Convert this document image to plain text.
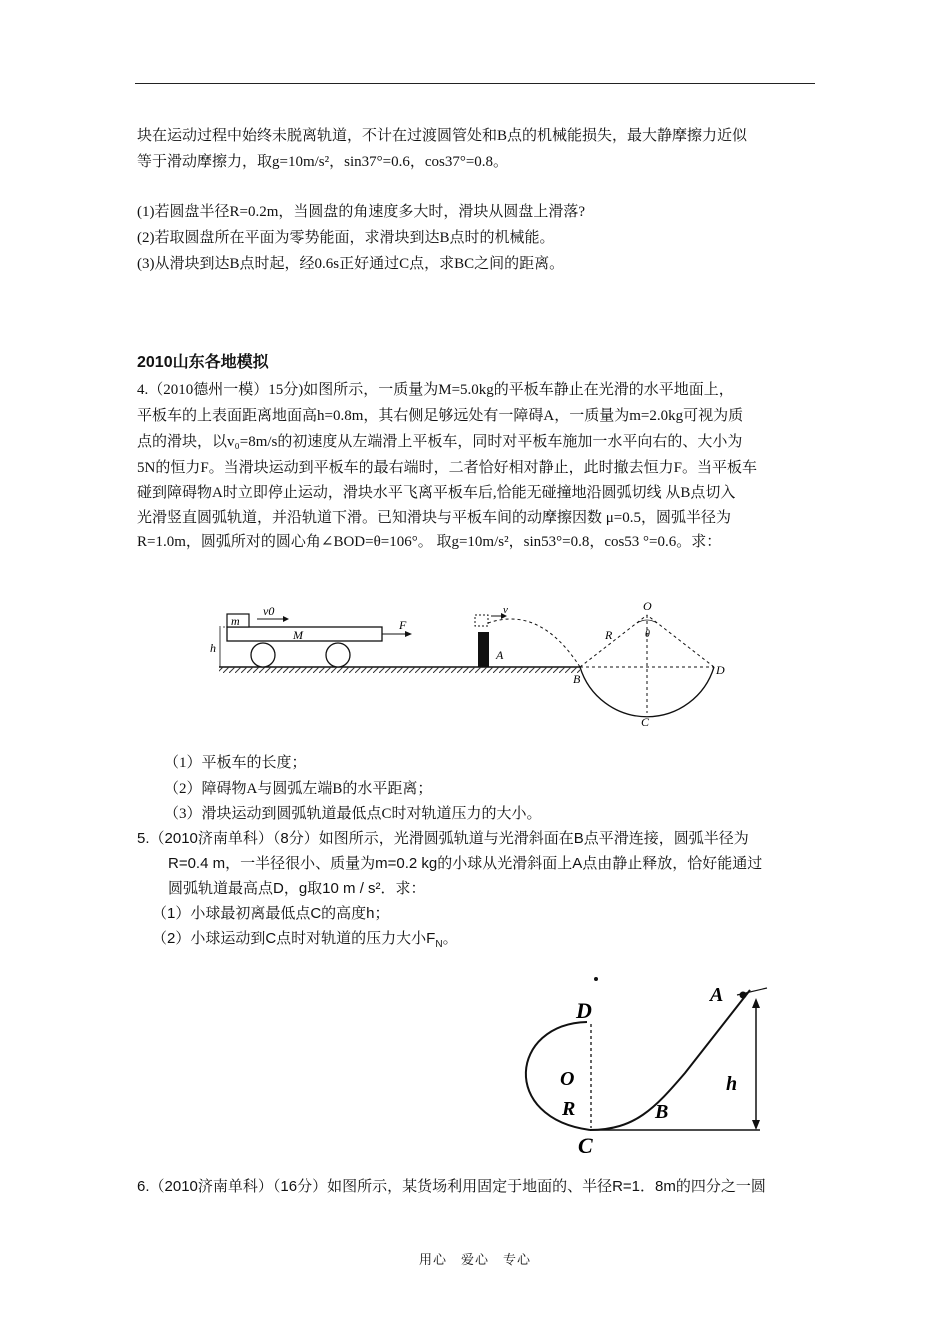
块在运动过程中始终未脱离轨道，不计在过渡圆管处和B点的机械能损失，最大静摩擦力近似
等于滑动摩擦力，取g=10m/s²，sin37°=0.6，cos37°=0.8。
(1)若圆盘半径R=0.2m，当圆盘的角速度多大时，滑块从圆盘上滑落?
(2)若取圆盘所在平面为零势能面，求滑块到达B点时的机械能。
(3)从滑块到达B点时起，经0.6s正好通过C点，求BC之间的距离。
2010山东各地模拟
4.（2010德州一模）15分)如图所示，一质量为M=5.0kg的平板车静止在光滑的水平地面上，
平板车的上表面距离地面高h=0.8m，其右侧足够远处有一障碍A，一质量为m=2.0kg可视为质
点的滑块，以v₀=8m/s的初速度从左端滑上平板车，同时对平板车施加一水平向右的、大小为
5N的恒力F。当滑块运动到平板车的最右端时，二者恰好相对静止，此时撤去恒力F。当平板车
碰到障碍物A时立即停止运动，滑块水平飞离平板车后,恰能无碰撞地沿圆弧切线 从B点切入
光滑竖直圆弧轨道，并沿轨道下滑。已知滑块与平板车间的动摩擦因数 μ=0.5，圆弧半径为
R=1.0m，圆弧所对的圆心角∠BOD=θ=106°。 取g=10m/s²，sin53°=0.8，cos53 °=0.6。求：
m
v0
M
F
h	A
v	O
R	θ
B
C
D
（1）平板车的长度；
（2）障碍物A与圆弧左端B的水平距离；
（3）滑块运动到圆弧轨道最低点C时对轨道压力的大小。
5.（2010济南单科）（8分）如图所示，光滑圆弧轨道与光滑斜面在B点平滑连接，圆弧半径为
R=0.4 m，一半径很小、质量为m=0.2 kg的小球从光滑斜面上A点由静止释放，恰好能通过
圆弧轨道最高点D，g取10 m / s²．求：
（1）小球最初离最低点C的高度h；
（2）小球运动到C点时对轨道的压力大小$F_N$。
D
A
O	h
R	B
C
6.（2010济南单科）（16分）如图所示，某货场利用固定于地面的、半径R=1．8m的四分之一圆
用心　爱心　专心
